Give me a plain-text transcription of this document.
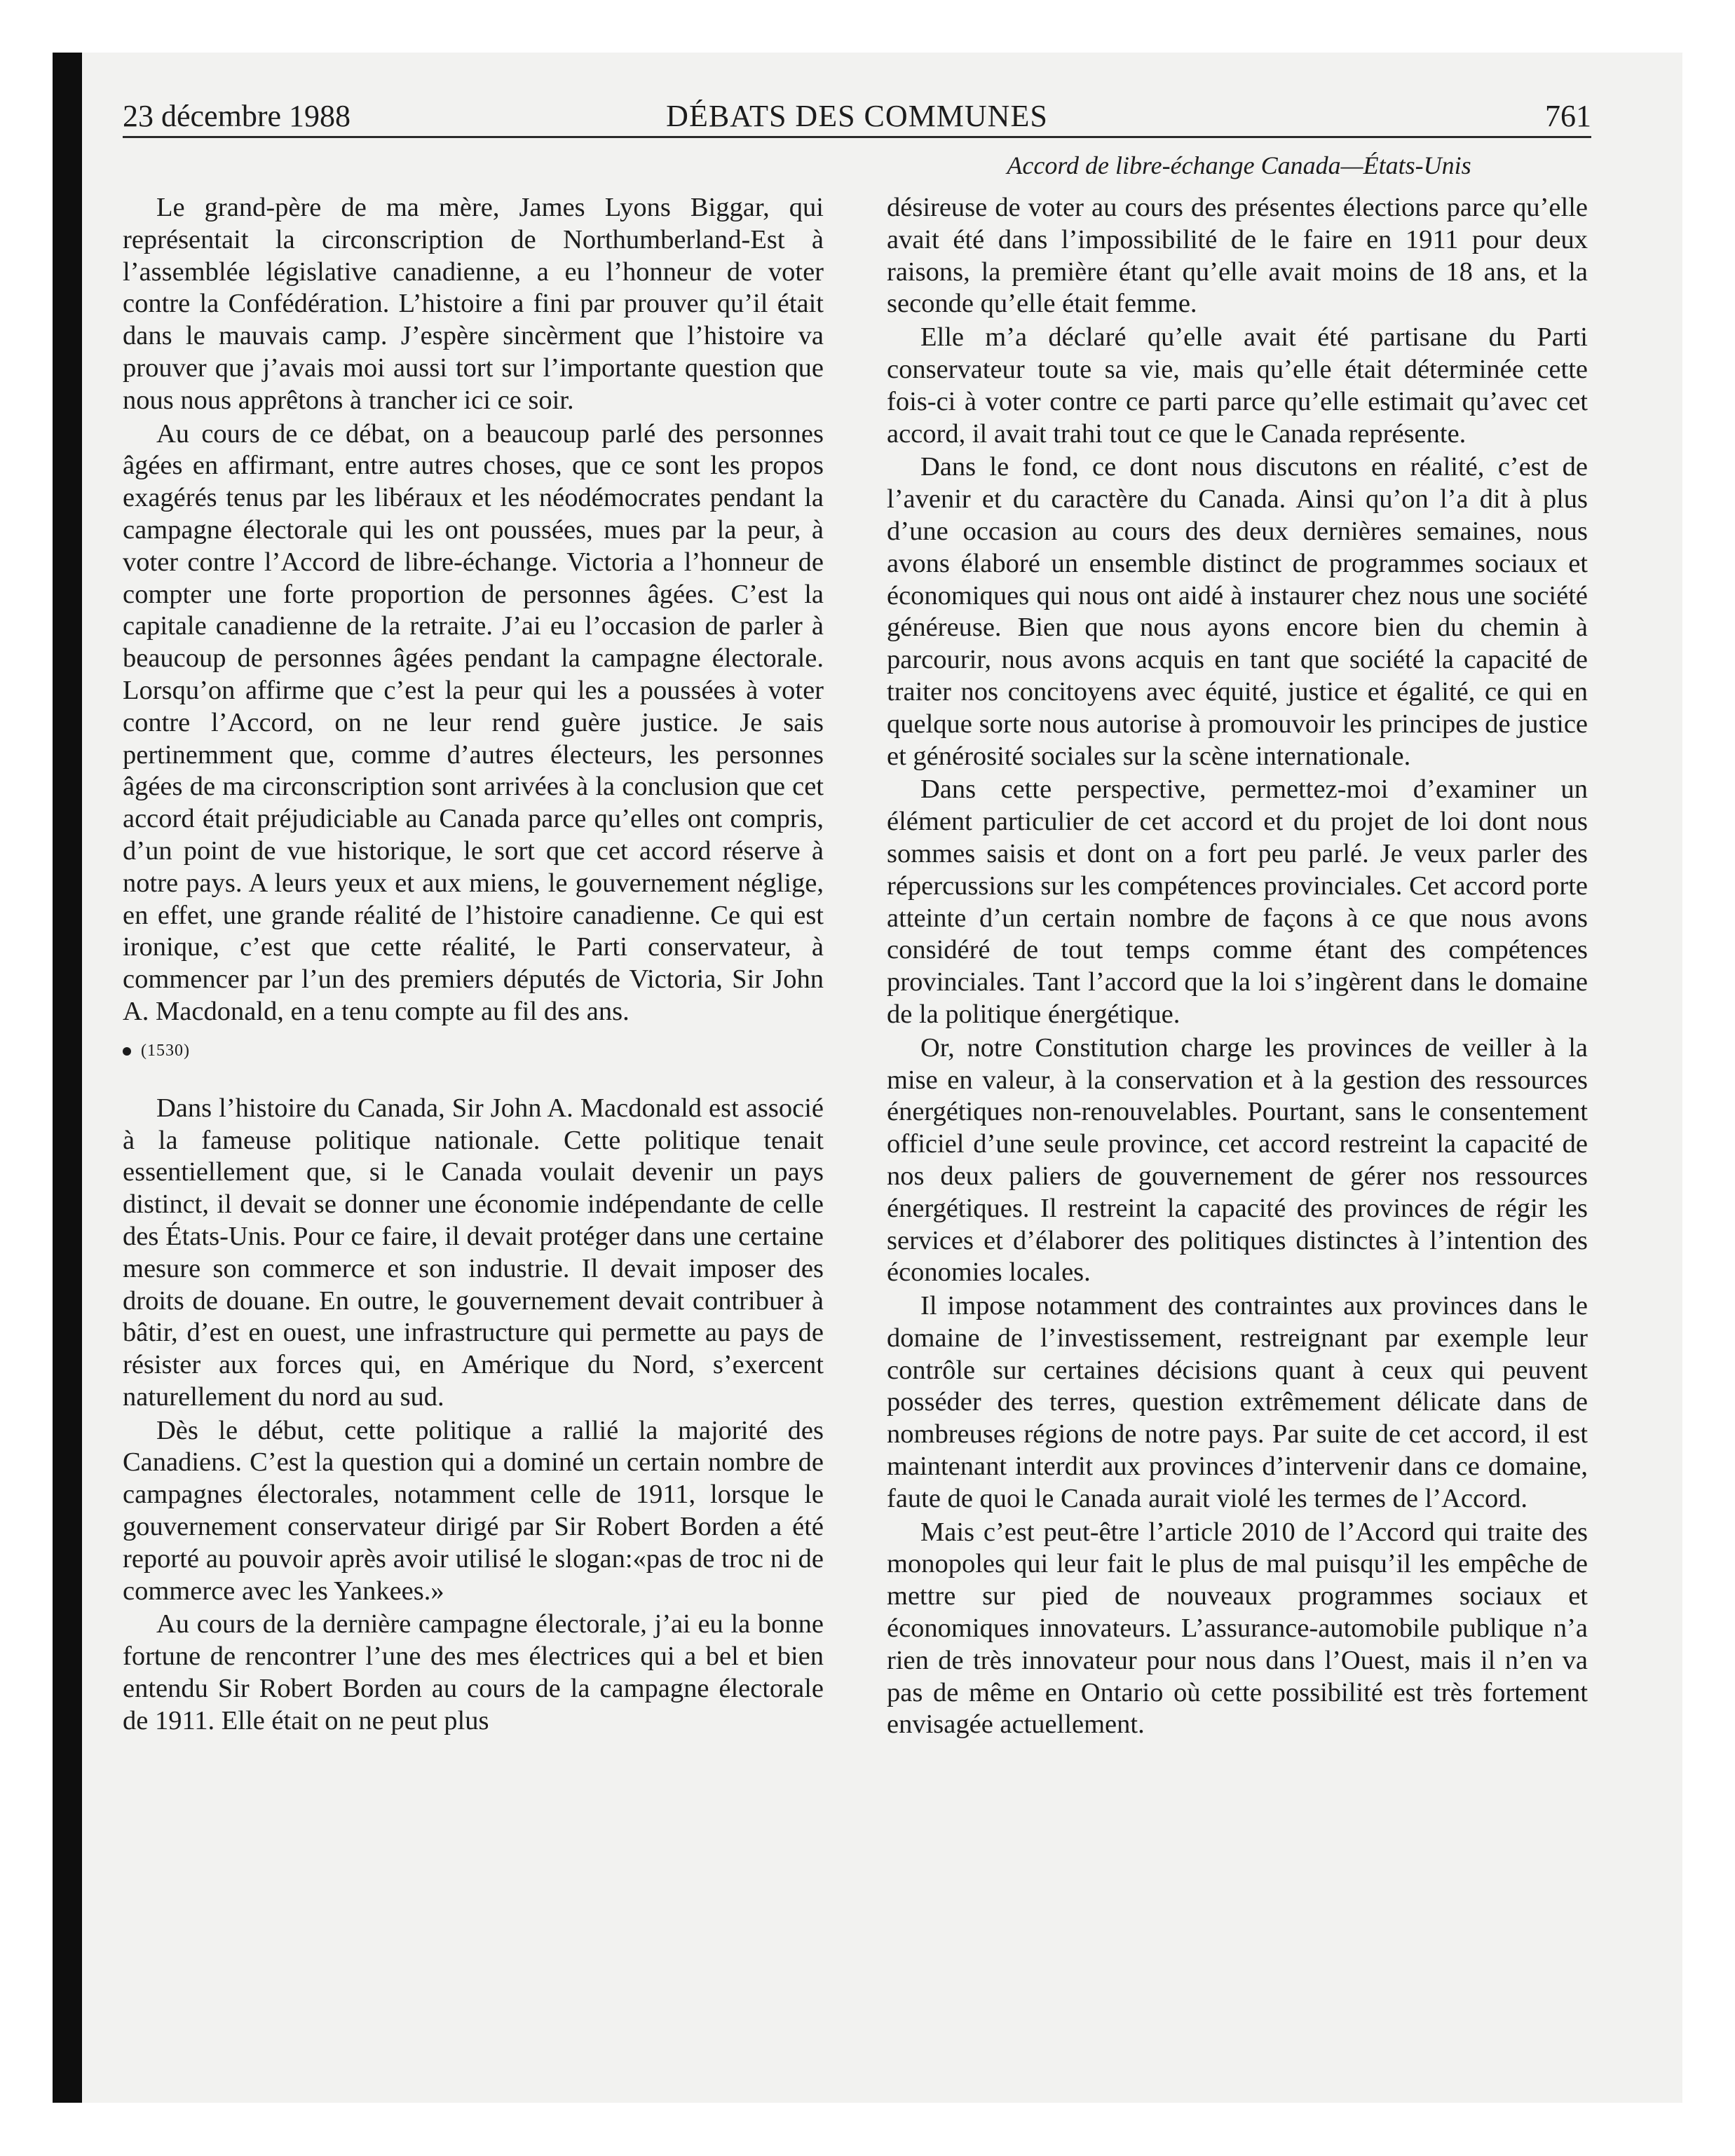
DÉBATS DES COMMUNES
23 décembre 1988	761
Accord de libre-échange Canada—États-Unis

Le grand-père de ma mère, James Lyons Biggar, qui représentait la circonscription de Northumberland-Est à l’assemblée législative canadienne, a eu l’honneur de voter contre la Confédération. L’histoire a fini par prouver qu’il était dans le mauvais camp. J’espère sincèrment que l’histoire va prouver que j’avais moi aussi tort sur l’importante question que nous nous apprêtons à trancher ici ce soir.

Au cours de ce débat, on a beaucoup parlé des personnes âgées en affirmant, entre autres choses, que ce sont les propos exagérés tenus par les libéraux et les néodémocrates pendant la campagne électorale qui les ont poussées, mues par la peur, à voter contre l’Accord de libre-échange. Victoria a l’honneur de compter une forte proportion de personnes âgées. C’est la capitale canadienne de la retraite. J’ai eu l’occasion de parler à beaucoup de personnes âgées pendant la campagne électorale. Lorsqu’on affirme que c’est la peur qui les a poussées à voter contre l’Accord, on ne leur rend guère justice. Je sais pertinemment que, comme d’autres électeurs, les personnes âgées de ma circonscription sont arrivées à la conclusion que cet accord était préjudiciable au Canada parce qu’elles ont compris, d’un point de vue historique, le sort que cet accord réserve à notre pays. A leurs yeux et aux miens, le gouvernement néglige, en effet, une grande réalité de l’histoire canadienne. Ce qui est ironique, c’est que cette réalité, le Parti conservateur, à commencer par l’un des premiers députés de Victoria, Sir John A. Macdonald, en a tenu compte au fil des ans.

(1530)

Dans l’histoire du Canada, Sir John A. Macdonald est associé à la fameuse politique nationale. Cette politique tenait essentiellement que, si le Canada voulait devenir un pays distinct, il devait se donner une économie indépendante de celle des États-Unis. Pour ce faire, il devait protéger dans une certaine mesure son commerce et son industrie. Il devait imposer des droits de douane. En outre, le gouvernement devait contribuer à bâtir, d’est en ouest, une infrastructure qui permette au pays de résister aux forces qui, en Amérique du Nord, s’exercent naturellement du nord au sud.

Dès le début, cette politique a rallié la majorité des Canadiens. C’est la question qui a dominé un certain nombre de campagnes électorales, notamment celle de 1911, lorsque le gouvernement conservateur dirigé par Sir Robert Borden a été reporté au pouvoir après avoir utilisé le slogan:«pas de troc ni de commerce avec les Yankees.»

Au cours de la dernière campagne électorale, j’ai eu la bonne fortune de rencontrer l’une des mes électrices qui a bel et bien entendu Sir Robert Borden au cours de la campagne électorale de 1911. Elle était on ne peut plus

désireuse de voter au cours des présentes élections parce qu’elle avait été dans l’impossibilité de le faire en 1911 pour deux raisons, la première étant qu’elle avait moins de 18 ans, et la seconde qu’elle était femme.

Elle m’a déclaré qu’elle avait été partisane du Parti conservateur toute sa vie, mais qu’elle était déterminée cette fois-ci à voter contre ce parti parce qu’elle estimait qu’avec cet accord, il avait trahi tout ce que le Canada représente.

Dans le fond, ce dont nous discutons en réalité, c’est de l’avenir et du caractère du Canada. Ainsi qu’on l’a dit à plus d’une occasion au cours des deux dernières semaines, nous avons élaboré un ensemble distinct de programmes sociaux et économiques qui nous ont aidé à instaurer chez nous une société généreuse. Bien que nous ayons encore bien du chemin à parcourir, nous avons acquis en tant que société la capacité de traiter nos concitoyens avec équité, justice et égalité, ce qui en quelque sorte nous autorise à promouvoir les principes de justice et générosité sociales sur la scène internationale.

Dans cette perspective, permettez-moi d’examiner un élément particulier de cet accord et du projet de loi dont nous sommes saisis et dont on a fort peu parlé. Je veux parler des répercussions sur les compétences provinciales. Cet accord porte atteinte d’un certain nombre de façons à ce que nous avons considéré de tout temps comme étant des compétences provinciales. Tant l’accord que la loi s’ingèrent dans le domaine de la politique énergétique.

Or, notre Constitution charge les provinces de veiller à la mise en valeur, à la conservation et à la gestion des ressources énergétiques non-renouvelables. Pourtant, sans le consentement officiel d’une seule province, cet accord restreint la capacité de nos deux paliers de gouvernement de gérer nos ressources énergétiques. Il restreint la capacité des provinces de régir les services et d’élaborer des politiques distinctes à l’intention des économies locales.

Il impose notamment des contraintes aux provinces dans le domaine de l’investissement, restreignant par exemple leur contrôle sur certaines décisions quant à ceux qui peuvent posséder des terres, question extrêmement délicate dans de nombreuses régions de notre pays. Par suite de cet accord, il est maintenant interdit aux provinces d’intervenir dans ce domaine, faute de quoi le Canada aurait violé les termes de l’Accord.

Mais c’est peut-être l’article 2010 de l’Accord qui traite des monopoles qui leur fait le plus de mal puisqu’il les empêche de mettre sur pied de nouveaux programmes sociaux et économiques innovateurs. L’assurance-automobile publique n’a rien de très innovateur pour nous dans l’Ouest, mais il n’en va pas de même en Ontario où cette possibilité est très fortement envisagée actuellement.
